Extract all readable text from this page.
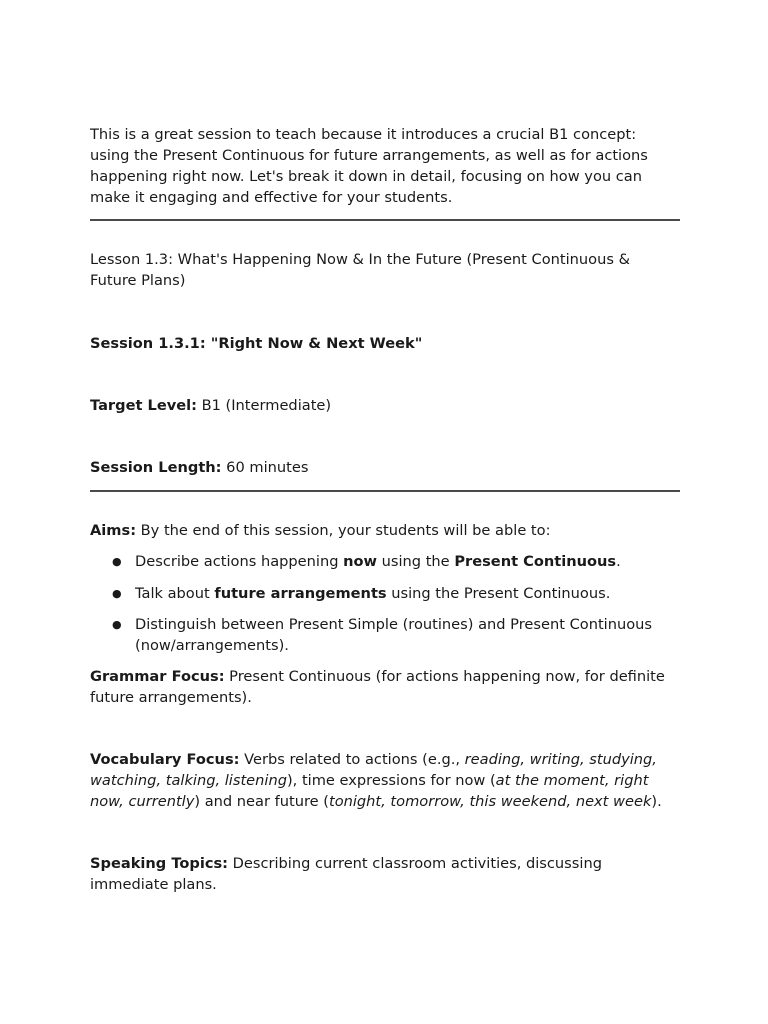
This is a great session to teach because it introduces a crucial B1 concept: using the Present Continuous for future arrangements, as well as for actions happening right now. Let's break it down in detail, focusing on how you can make it engaging and effective for your students.

Lesson 1.3: What's Happening Now & In the Future (Present Continuous & Future Plans)

Session 1.3.1: "Right Now & Next Week"

Target Level: B1 (Intermediate)

Session Length: 60 minutes

Aims: By the end of this session, your students will be able to:

● Describe actions happening now using the Present Continuous.
● Talk about future arrangements using the Present Continuous.
● Distinguish between Present Simple (routines) and Present Continuous (now/arrangements).

Grammar Focus: Present Continuous (for actions happening now, for definite future arrangements).

Vocabulary Focus: Verbs related to actions (e.g., reading, writing, studying, watching, talking, listening), time expressions for now (at the moment, right now, currently) and near future (tonight, tomorrow, this weekend, next week).

Speaking Topics: Describing current classroom activities, discussing immediate plans.
